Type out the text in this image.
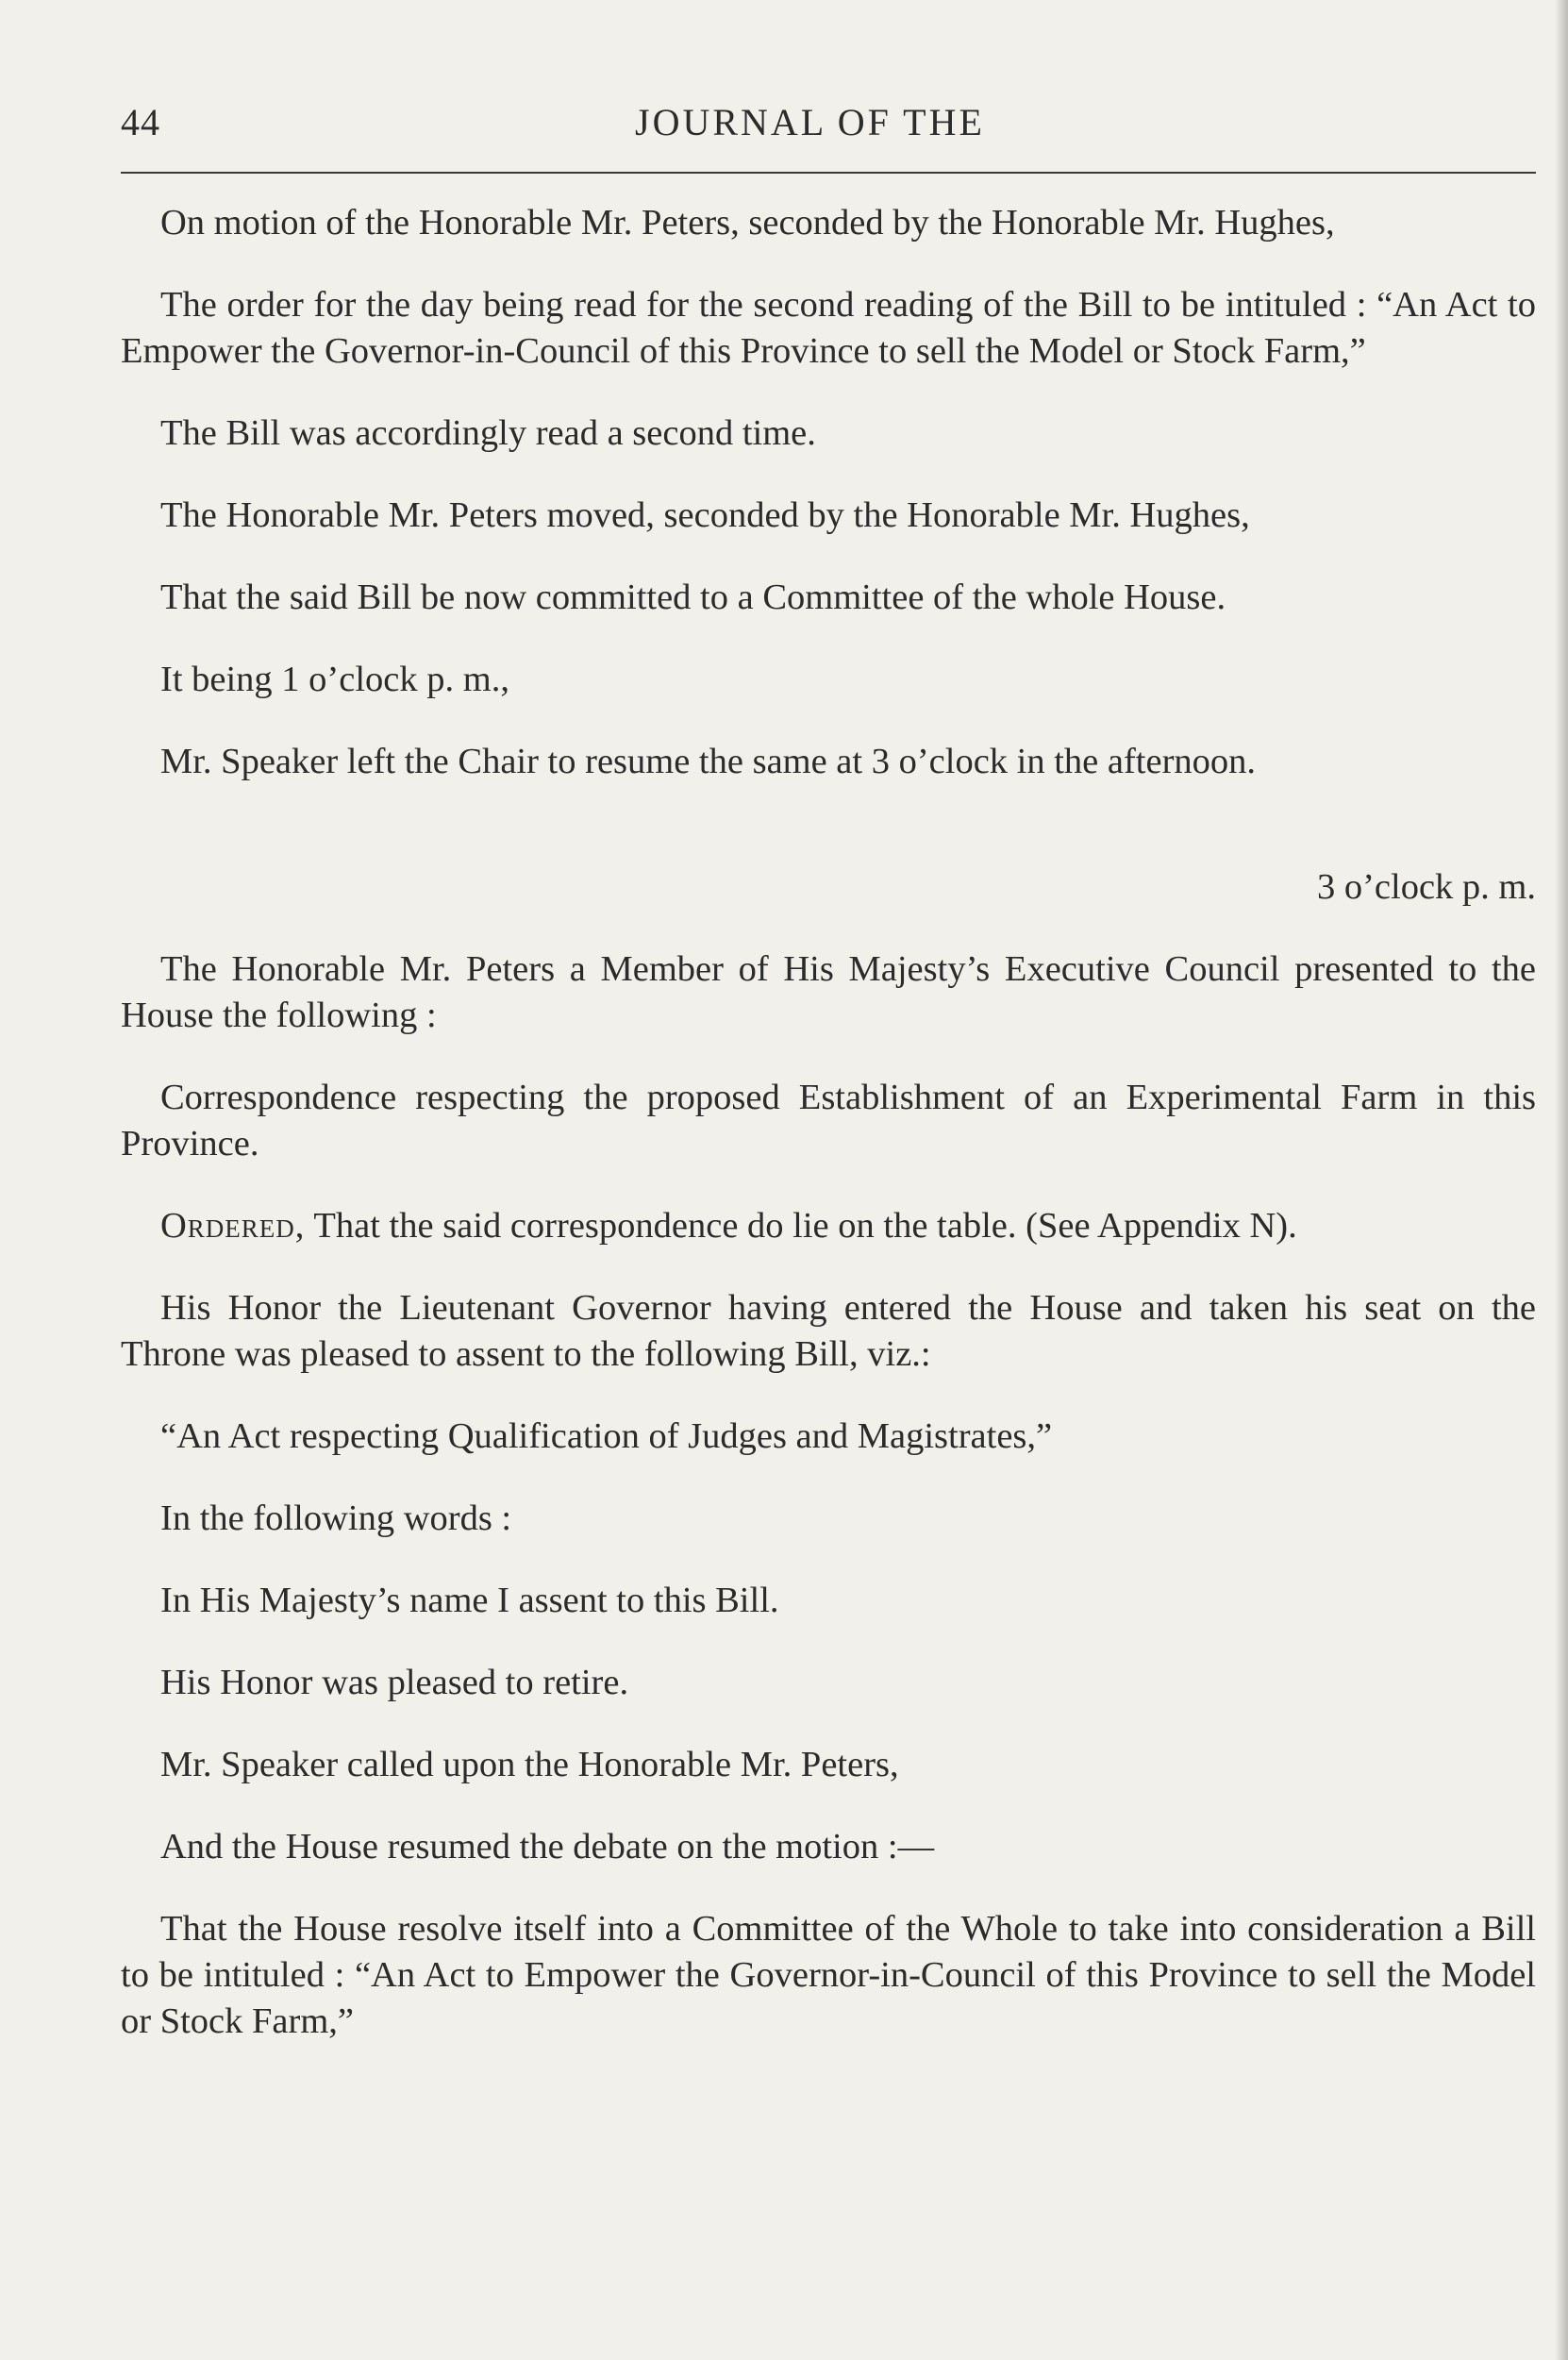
44	JOURNAL OF THE

On motion of the Honorable Mr. Peters, seconded by the Honorable Mr. Hughes,

The order for the day being read for the second reading of the Bill to be intituled : “An Act to Empower the Governor-in-Council of this Province to sell the Model or Stock Farm,”

The Bill was accordingly read a second time.

The Honorable Mr. Peters moved, seconded by the Honorable Mr. Hughes,

That the said Bill be now committed to a Committee of the whole House.

It being 1 o’clock p. m.,

Mr. Speaker left the Chair to resume the same at 3 o’clock in the afternoon.

3 o’clock p. m.

The Honorable Mr. Peters a Member of His Majesty’s Executive Council presented to the House the following :

Correspondence respecting the proposed Establishment of an Experimental Farm in this Province.

Ordered, That the said correspondence do lie on the table. (See Appendix N).

His Honor the Lieutenant Governor having entered the House and taken his seat on the Throne was pleased to assent to the following Bill, viz.:

“An Act respecting Qualification of Judges and Magistrates,”

In the following words :

In His Majesty’s name I assent to this Bill.

His Honor was pleased to retire.

Mr. Speaker called upon the Honorable Mr. Peters,

And the House resumed the debate on the motion :—

That the House resolve itself into a Committee of the Whole to take into consideration a Bill to be intituled : “An Act to Empower the Governor-in-Council of this Province to sell the Model or Stock Farm,”
